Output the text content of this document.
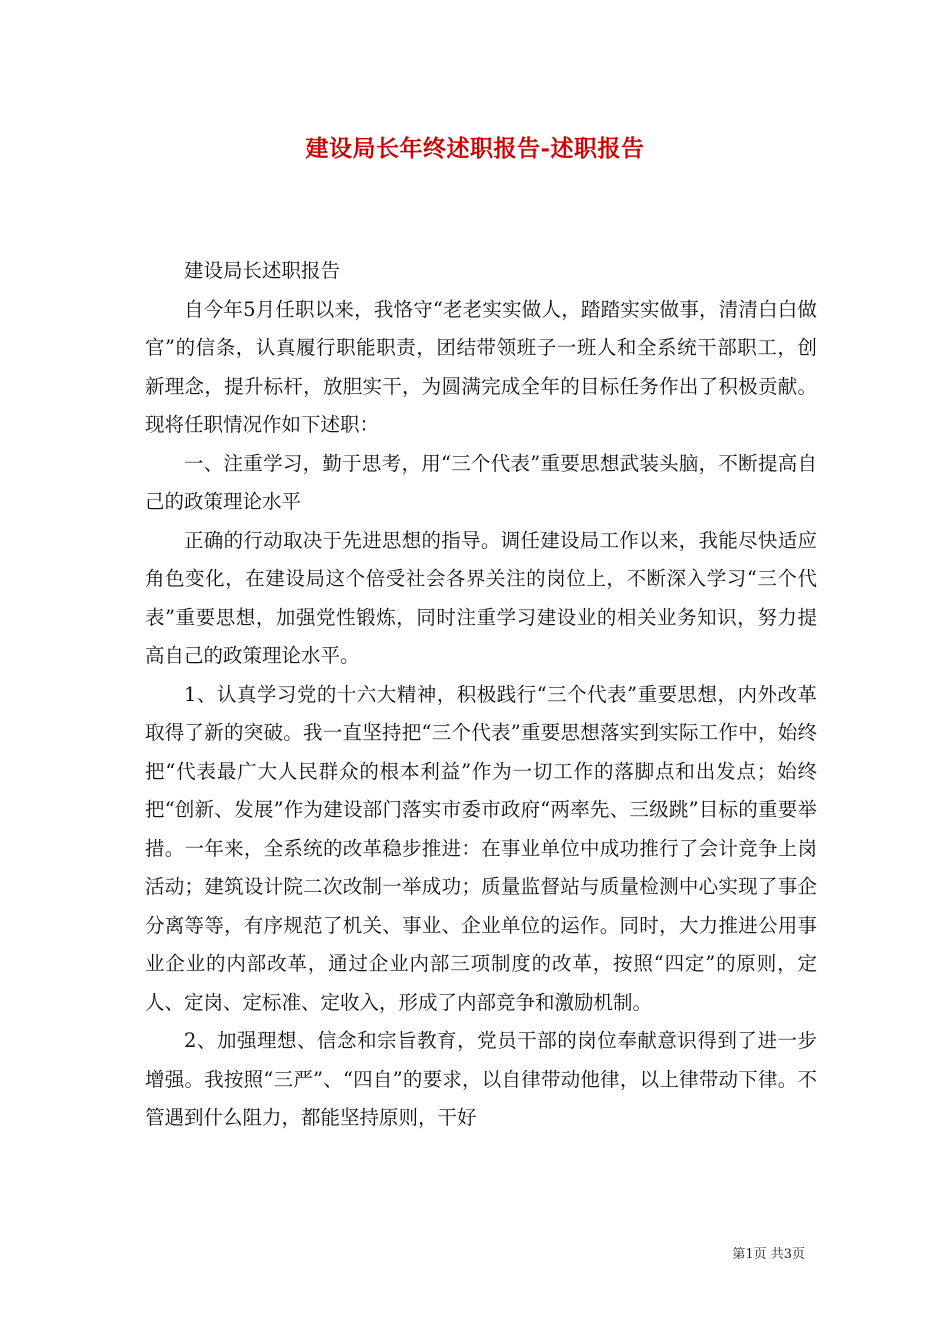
建设局长年终述职报告-述职报告

建设局长述职报告

自今年5月任职以来，我恪守“老老实实做人，踏踏实实做事，清清白白做官”的信条，认真履行职能职责，团结带领班子一班人和全系统干部职工，创新理念，提升标杆，放胆实干，为圆满完成全年的目标任务作出了积极贡献。现将任职情况作如下述职：

一、注重学习，勤于思考，用“三个代表”重要思想武装头脑，不断提高自己的政策理论水平

正确的行动取决于先进思想的指导。调任建设局工作以来，我能尽快适应角色变化，在建设局这个倍受社会各界关注的岗位上，不断深入学习“三个代表”重要思想，加强党性锻炼，同时注重学习建设业的相关业务知识，努力提高自己的政策理论水平。

1、认真学习党的十六大精神，积极践行“三个代表”重要思想，内外改革取得了新的突破。我一直坚持把“三个代表”重要思想落实到实际工作中，始终把“代表最广大人民群众的根本利益”作为一切工作的落脚点和出发点；始终把“创新、发展”作为建设部门落实市委市政府“两率先、三级跳”目标的重要举措。一年来，全系统的改革稳步推进：在事业单位中成功推行了会计竞争上岗活动；建筑设计院二次改制一举成功；质量监督站与质量检测中心实现了事企分离等等，有序规范了机关、事业、企业单位的运作。同时，大力推进公用事业企业的内部改革，通过企业内部三项制度的改革，按照“四定”的原则，定人、定岗、定标准、定收入，形成了内部竞争和激励机制。

2、加强理想、信念和宗旨教育，党员干部的岗位奉献意识得到了进一步增强。我按照“三严”、“四自”的要求，以自律带动他律，以上律带动下律。不管遇到什么阻力，都能坚持原则，干好

第1页 共3页
